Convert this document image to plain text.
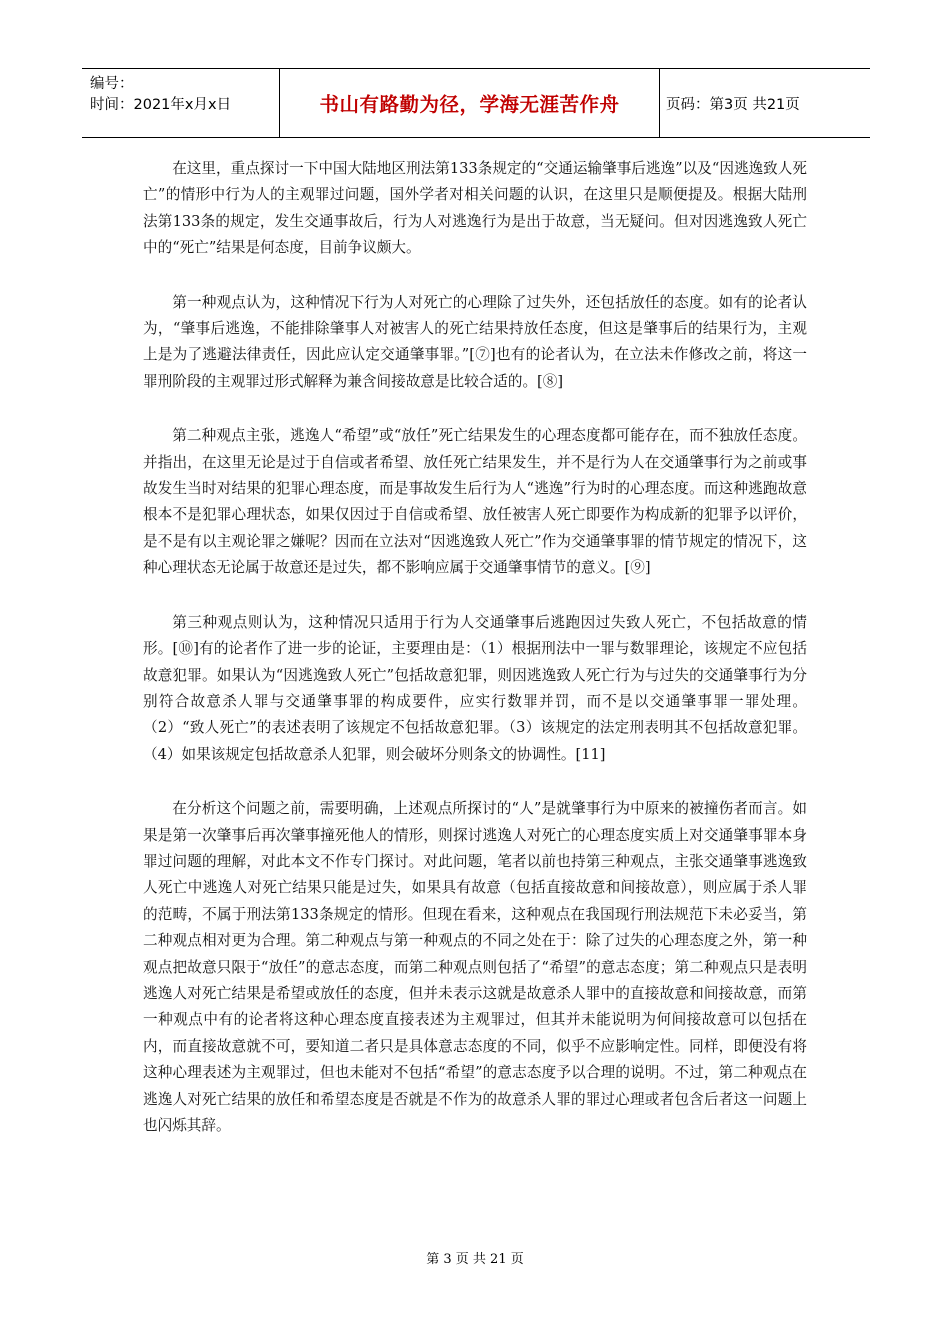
编号：
时间：2021年x月x日	书山有路勤为径，学海无涯苦作舟	页码：第3页 共21页

在这里，重点探讨一下中国大陆地区刑法第133条规定的“交通运输肇事后逃逸”以及“因逃逸致人死亡”的情形中行为人的主观罪过问题，国外学者对相关问题的认识，在这里只是顺便提及。根据大陆刑法第133条的规定，发生交通事故后，行为人对逃逸行为是出于故意，当无疑问。但对因逃逸致人死亡中的“死亡”结果是何态度，目前争议颇大。

第一种观点认为，这种情况下行为人对死亡的心理除了过失外，还包括放任的态度。如有的论者认为，“肇事后逃逸，不能排除肇事人对被害人的死亡结果持放任态度，但这是肇事后的结果行为，主观上是为了逃避法律责任，因此应认定交通肇事罪。”[⑦]也有的论者认为，在立法未作修改之前，将这一罪刑阶段的主观罪过形式解释为兼含间接故意是比较合适的。[⑧]

第二种观点主张，逃逸人“希望”或“放任”死亡结果发生的心理态度都可能存在，而不独放任态度。并指出，在这里无论是过于自信或者希望、放任死亡结果发生，并不是行为人在交通肇事行为之前或事故发生当时对结果的犯罪心理态度，而是事故发生后行为人“逃逸”行为时的心理态度。而这种逃跑故意根本不是犯罪心理状态，如果仅因过于自信或希望、放任被害人死亡即要作为构成新的犯罪予以评价，是不是有以主观论罪之嫌呢？因而在立法对“因逃逸致人死亡”作为交通肇事罪的情节规定的情况下，这种心理状态无论属于故意还是过失，都不影响应属于交通肇事情节的意义。[⑨]

第三种观点则认为，这种情况只适用于行为人交通肇事后逃跑因过失致人死亡，不包括故意的情形。[⑩]有的论者作了进一步的论证，主要理由是：（1）根据刑法中一罪与数罪理论，该规定不应包括故意犯罪。如果认为“因逃逸致人死亡”包括故意犯罪，则因逃逸致人死亡行为与过失的交通肇事行为分别符合故意杀人罪与交通肇事罪的构成要件，应实行数罪并罚，而不是以交通肇事罪一罪处理。（2）“致人死亡”的表述表明了该规定不包括故意犯罪。（3）该规定的法定刑表明其不包括故意犯罪。（4）如果该规定包括故意杀人犯罪，则会破坏分则条文的协调性。[11]

在分析这个问题之前，需要明确，上述观点所探讨的“人”是就肇事行为中原来的被撞伤者而言。如果是第一次肇事后再次肇事撞死他人的情形，则探讨逃逸人对死亡的心理态度实质上对交通肇事罪本身罪过问题的理解，对此本文不作专门探讨。对此问题，笔者以前也持第三种观点，主张交通肇事逃逸致人死亡中逃逸人对死亡结果只能是过失，如果具有故意（包括直接故意和间接故意），则应属于杀人罪的范畴，不属于刑法第133条规定的情形。但现在看来，这种观点在我国现行刑法规范下未必妥当，第二种观点相对更为合理。第二种观点与第一种观点的不同之处在于：除了过失的心理态度之外，第一种观点把故意只限于“放任”的意志态度，而第二种观点则包括了“希望”的意志态度；第二种观点只是表明逃逸人对死亡结果是希望或放任的态度，但并未表示这就是故意杀人罪中的直接故意和间接故意，而第一种观点中有的论者将这种心理态度直接表述为主观罪过，但其并未能说明为何间接故意可以包括在内，而直接故意就不可，要知道二者只是具体意志态度的不同，似乎不应影响定性。同样，即便没有将这种心理表述为主观罪过，但也未能对不包括“希望”的意志态度予以合理的说明。不过，第二种观点在逃逸人对死亡结果的放任和希望态度是否就是不作为的故意杀人罪的罪过心理或者包含后者这一问题上也闪烁其辞。

第 3 页 共 21 页
